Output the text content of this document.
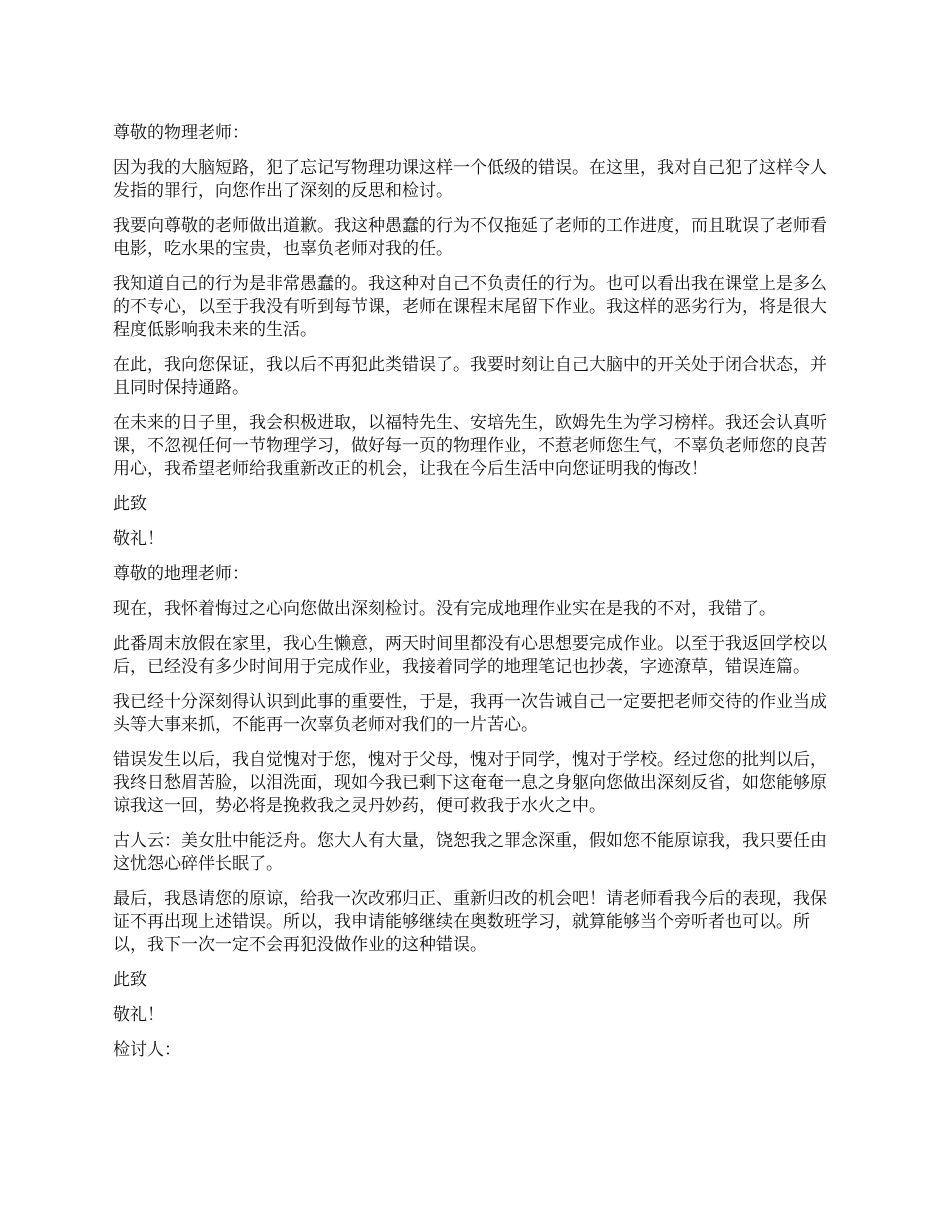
尊敬的物理老师：

因为我的大脑短路，犯了忘记写物理功课这样一个低级的错误。在这里，我对自己犯了这样令人发指的罪行，向您作出了深刻的反思和检讨。

我要向尊敬的老师做出道歉。我这种愚蠢的行为不仅拖延了老师的工作进度，而且耽误了老师看电影，吃水果的宝贵，也辜负老师对我的任。

我知道自己的行为是非常愚蠢的。我这种对自己不负责任的行为。也可以看出我在课堂上是多么的不专心，以至于我没有听到每节课，老师在课程末尾留下作业。我这样的恶劣行为，将是很大程度低影响我未来的生活。

在此，我向您保证，我以后不再犯此类错误了。我要时刻让自己大脑中的开关处于闭合状态，并且同时保持通路。

在未来的日子里，我会积极进取，以福特先生、安培先生，欧姆先生为学习榜样。我还会认真听课，不忽视任何一节物理学习，做好每一页的物理作业，不惹老师您生气，不辜负老师您的良苦用心，我希望老师给我重新改正的机会，让我在今后生活中向您证明我的悔改！

此致

敬礼！

尊敬的地理老师：

现在，我怀着悔过之心向您做出深刻检讨。没有完成地理作业实在是我的不对，我错了。

此番周末放假在家里，我心生懒意，两天时间里都没有心思想要完成作业。以至于我返回学校以后，已经没有多少时间用于完成作业，我接着同学的地理笔记也抄袭，字迹潦草，错误连篇。

我已经十分深刻得认识到此事的重要性，于是，我再一次告诫自己一定要把老师交待的作业当成头等大事来抓，不能再一次辜负老师对我们的一片苦心。

错误发生以后，我自觉愧对于您，愧对于父母，愧对于同学，愧对于学校。经过您的批判以后，我终日愁眉苦脸，以泪洗面，现如今我已剩下这奄奄一息之身躯向您做出深刻反省，如您能够原谅我这一回，势必将是挽救我之灵丹妙药，便可救我于水火之中。

古人云：美女肚中能泛舟。您大人有大量，饶恕我之罪念深重，假如您不能原谅我，我只要任由这忧怨心碎伴长眠了。

最后，我恳请您的原谅，给我一次改邪归正、重新归改的机会吧！请老师看我今后的表现，我保证不再出现上述错误。所以，我申请能够继续在奥数班学习，就算能够当个旁听者也可以。所以，我下一次一定不会再犯没做作业的这种错误。

此致

敬礼！

检讨人：
